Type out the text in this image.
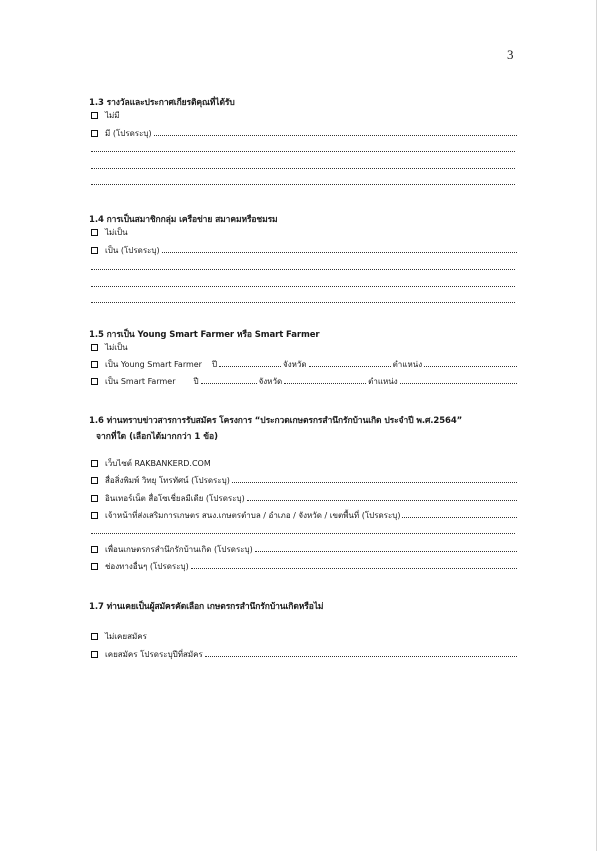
3
1.3 รางวัลและประกาศเกียรติคุณที่ได้รับ
ไม่มี
มี (โปรดระบุ)
1.4 การเป็นสมาชิกกลุ่ม เครือข่าย สมาคมหรือชมรม
ไม่เป็น
เป็น (โปรดระบุ)
1.5 การเป็น Young Smart Farmer หรือ Smart Farmer
ไม่เป็น
เป็น Young Smart Farmer ปี	จังหวัด	ตำแหน่ง
เป็น Smart Farmer ปี	จังหวัด	ตำแหน่ง
1.6 ท่านทราบข่าวสารการรับสมัคร โครงการ “ประกวดเกษตรกรสำนึกรักบ้านเกิด ประจำปี พ.ศ.2564”
จากที่ใด (เลือกได้มากกว่า 1 ข้อ)
เว็บไซต์ RAKBANKERD.COM
สื่อสิ่งพิมพ์ วิทยุ โทรทัศน์ (โปรดระบุ)
อินเทอร์เน็ต สื่อโซเชี่ยลมีเดีย (โปรดระบุ)
เจ้าหน้าที่ส่งเสริมการเกษตร สนง.เกษตรตำบล / อำเภอ / จังหวัด / เขตพื้นที่ (โปรดระบุ)
เพื่อนเกษตรกรสำนึกรักบ้านเกิด (โปรดระบุ)
ช่องทางอื่นๆ (โปรดระบุ)
1.7 ท่านเคยเป็นผู้สมัครคัดเลือก เกษตรกรสำนึกรักบ้านเกิดหรือไม่
ไม่เคยสมัคร
เคยสมัคร โปรดระบุปีที่สมัคร
